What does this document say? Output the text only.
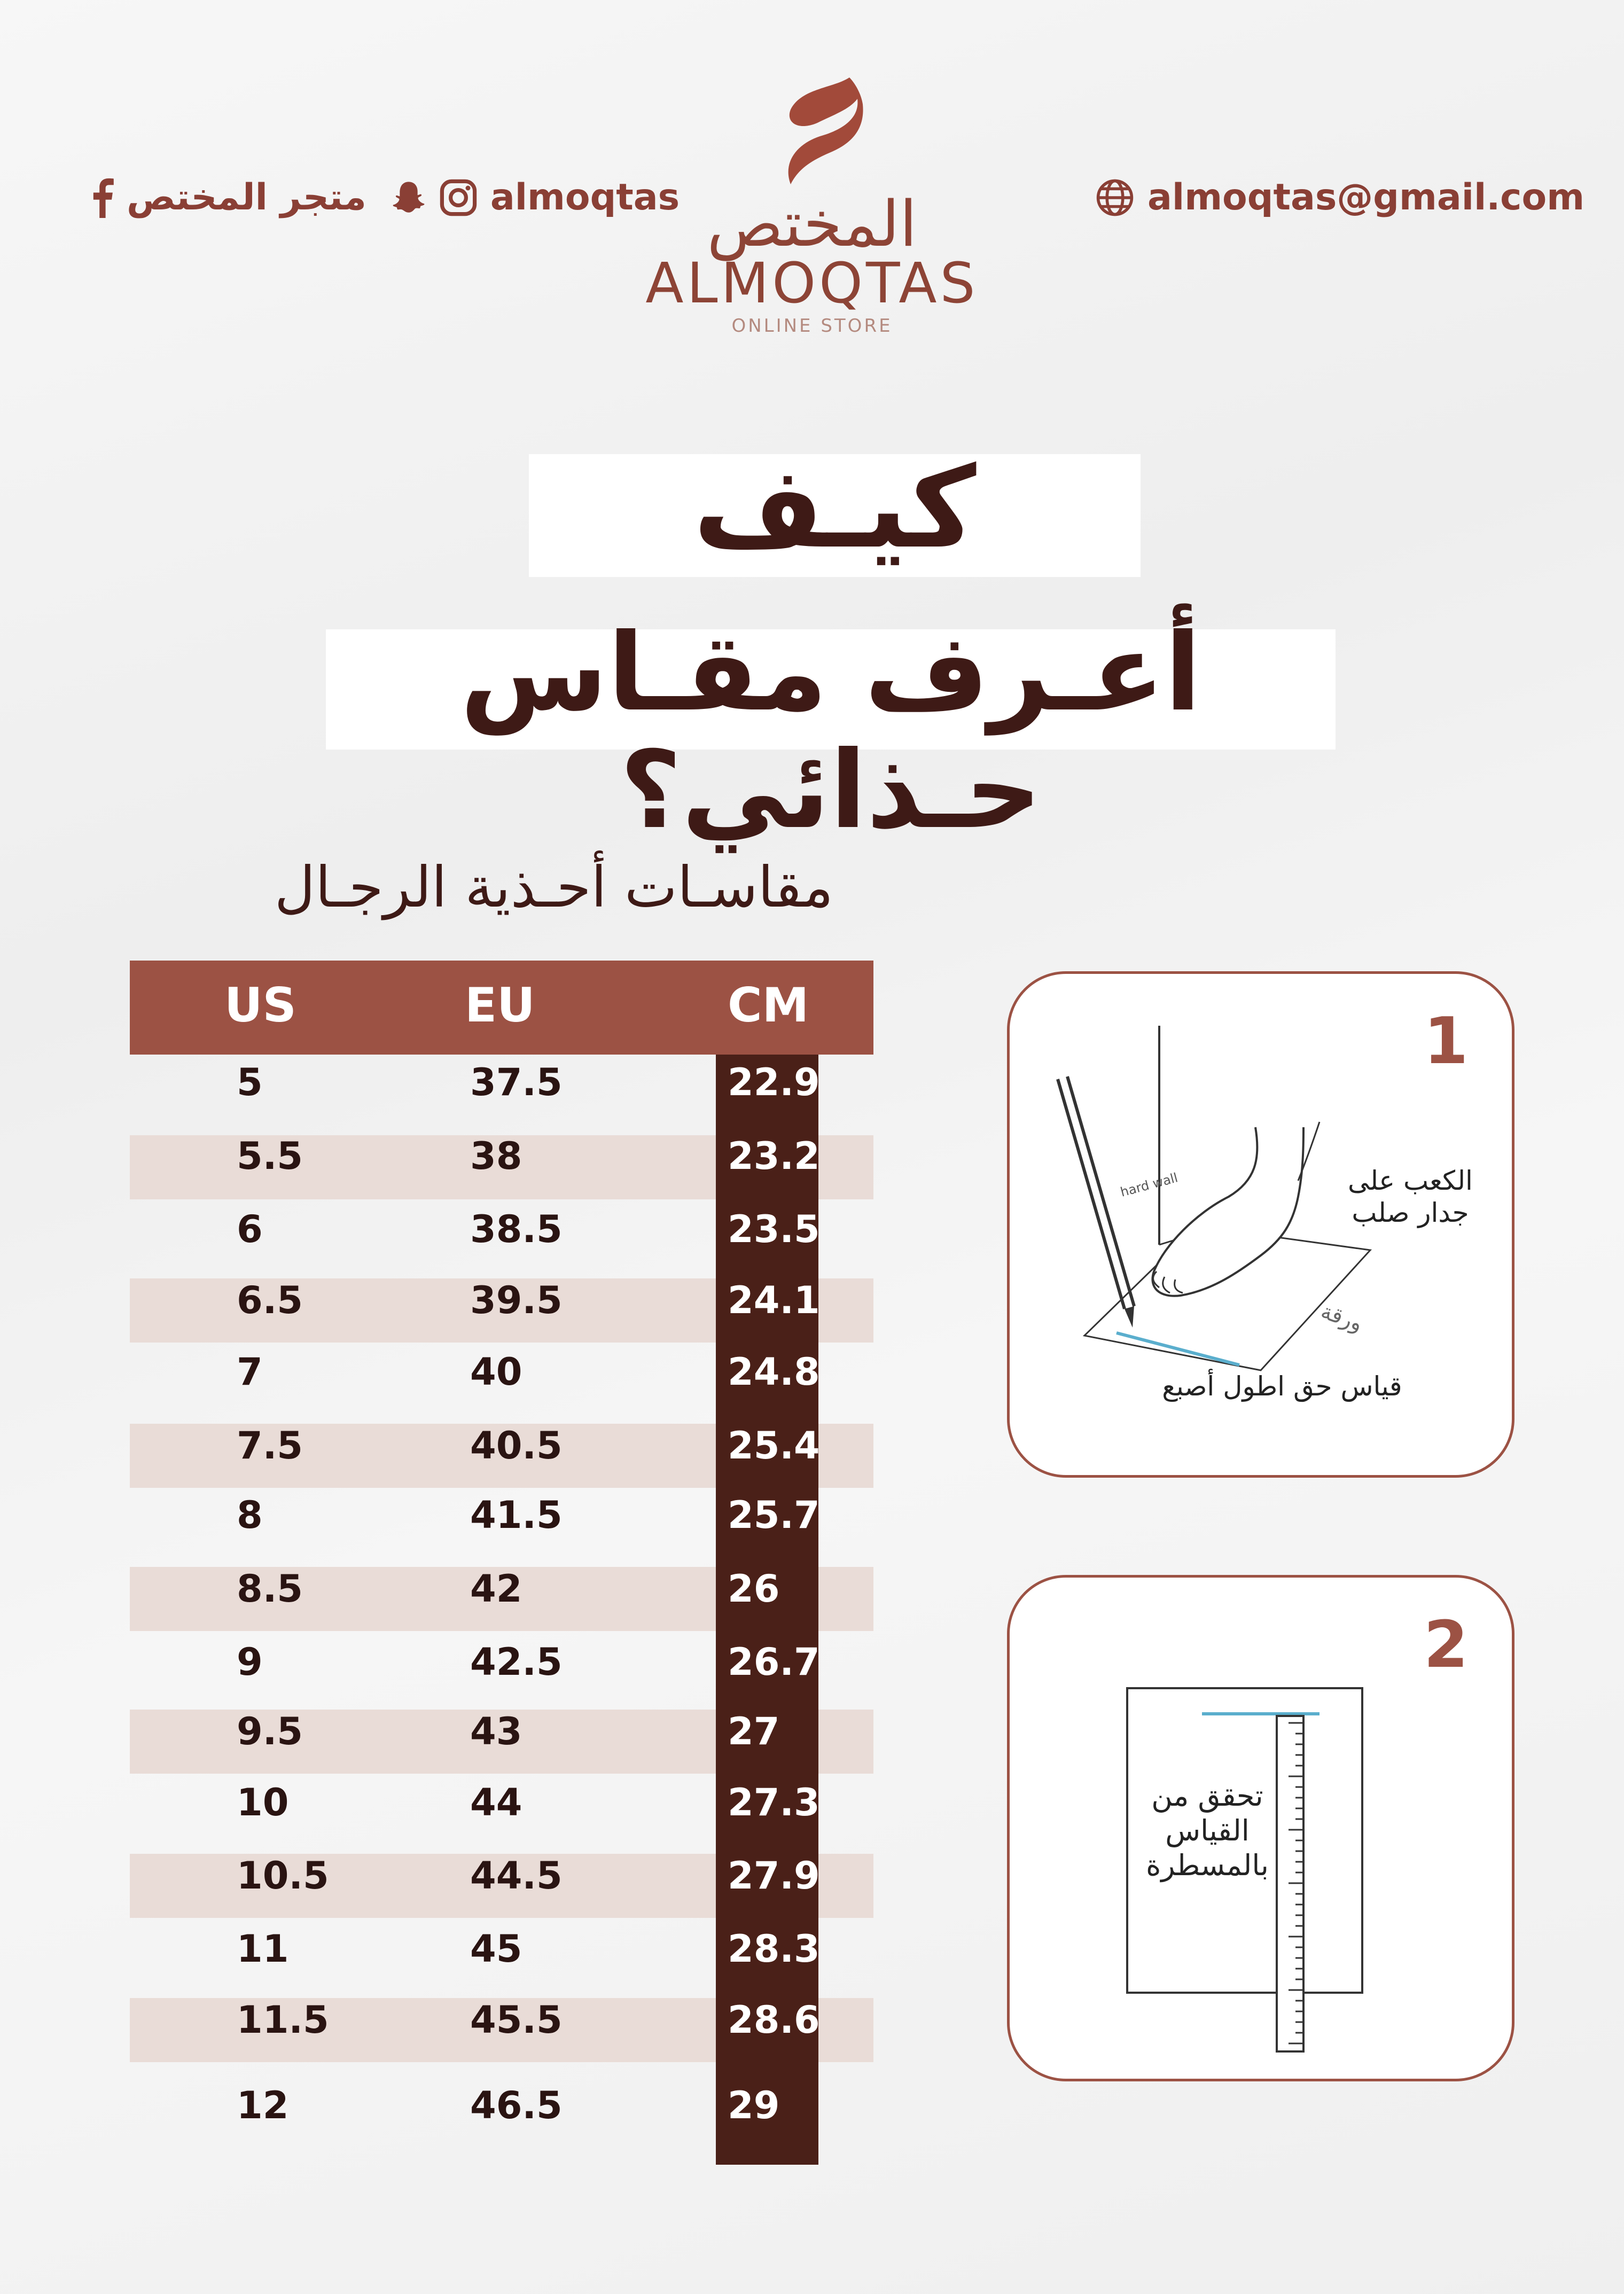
متجر المختص	almoqtas	almoqtas@gmail.com
المختص
ALMOQTAS
ONLINE STORE
كيـف
أعـرف مقـاس حـذائي؟
مقاسـات أحـذية الرجـال
US	EU	CM
5	37.5	22.9
5.5	38	23.2
6	38.5	23.5
6.5	39.5	24.1
7	40	24.8
7.5	40.5	25.4
8	41.5	25.7
8.5	42	26
9	42.5	26.7
9.5	43	27
10	44	27.3
10.5	44.5	27.9
11	45	28.3
11.5	45.5	28.6
12	46.5	29
1
hard wall
ورقة
الكعب على جدار صلب
قياس حق اطول أصبع
2
تحقق من القياس بالمسطرة
